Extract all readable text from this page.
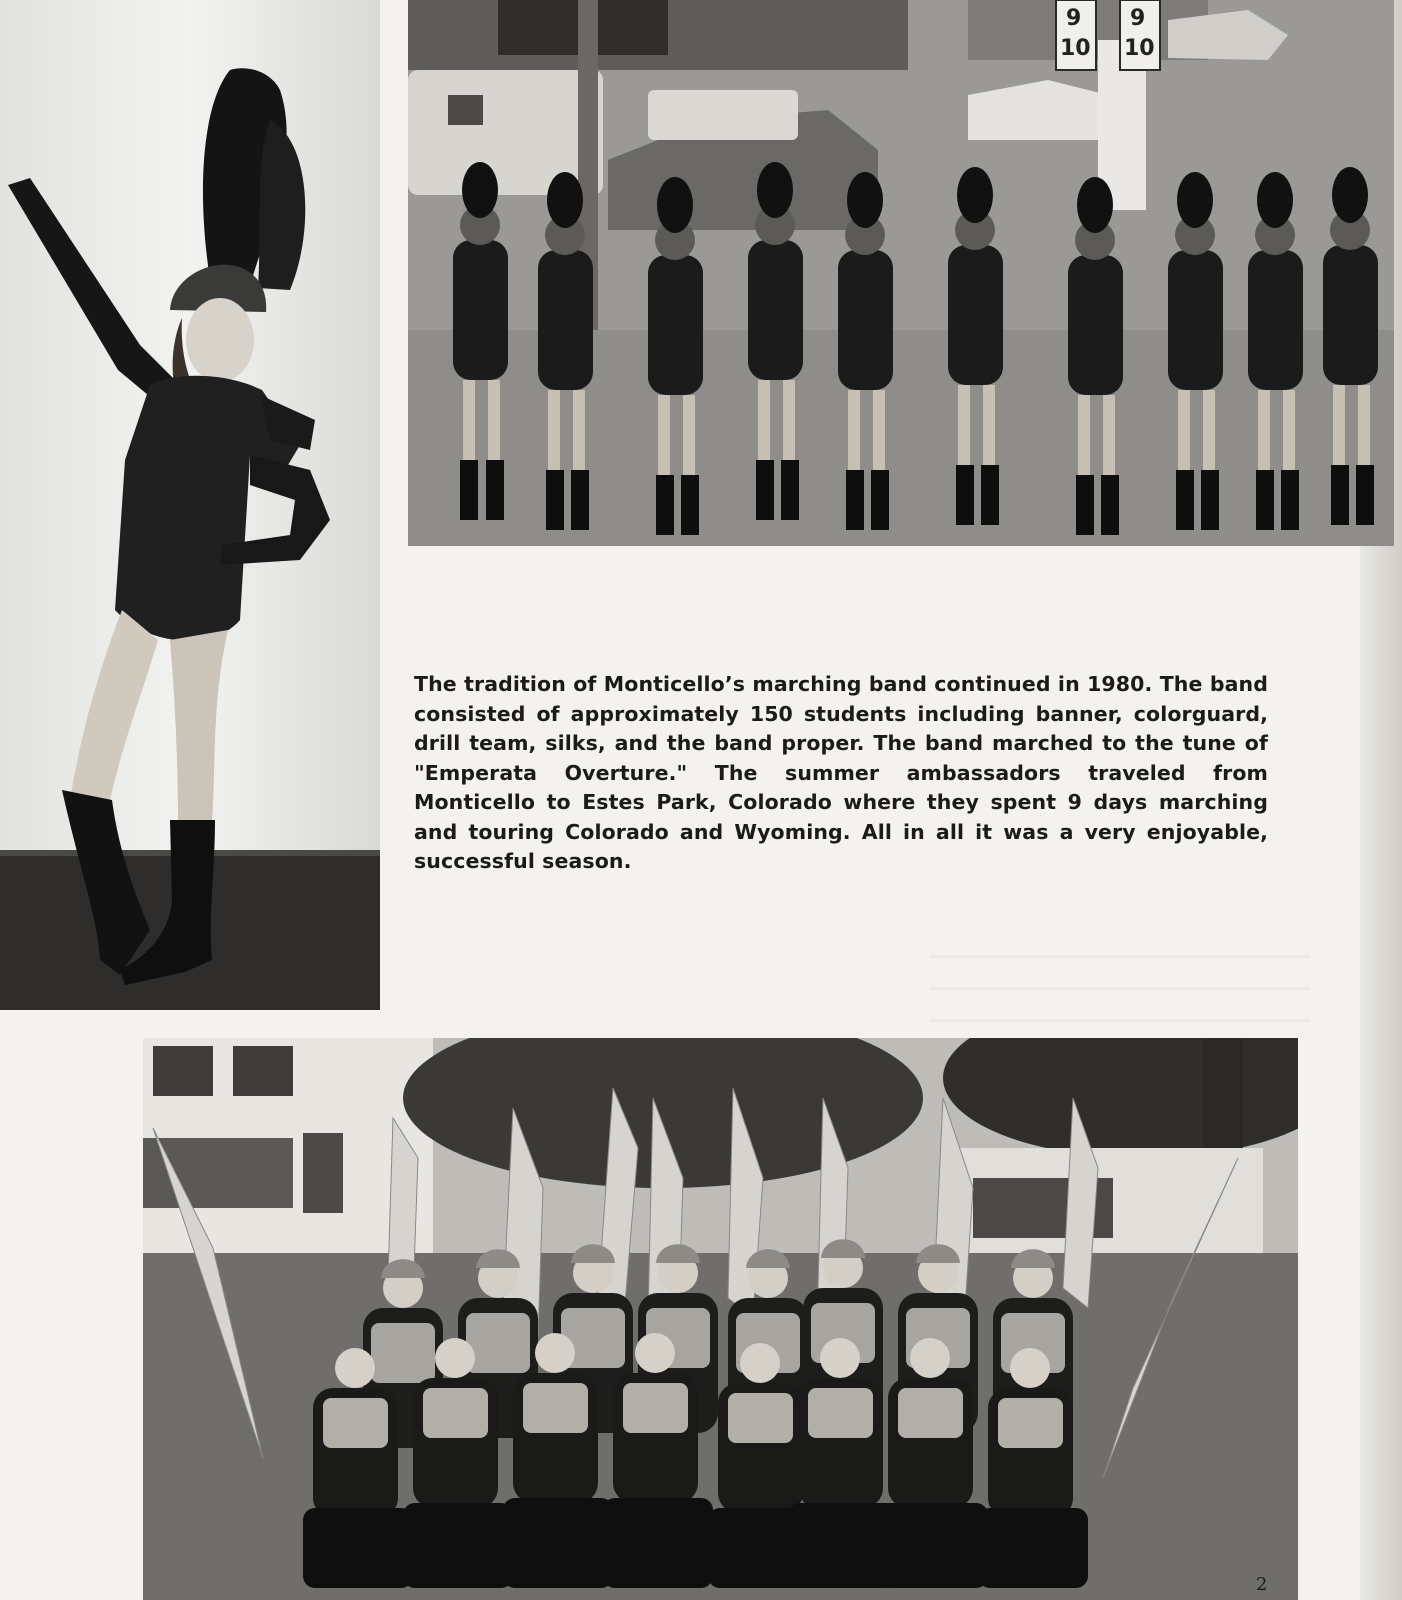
9
10
9
10
The tradition of Monticello’s marching band continued in 1980. The band consisted of approximately 150 students including banner, colorguard, drill team, silks, and the band proper. The band marched to the tune of "Emperata Overture." The summer ambassadors traveled from Monticello to Estes Park, Colorado where they spent 9 days marching and touring Colorado and Wyoming. All in all it was a very enjoyable, successful season.
2
